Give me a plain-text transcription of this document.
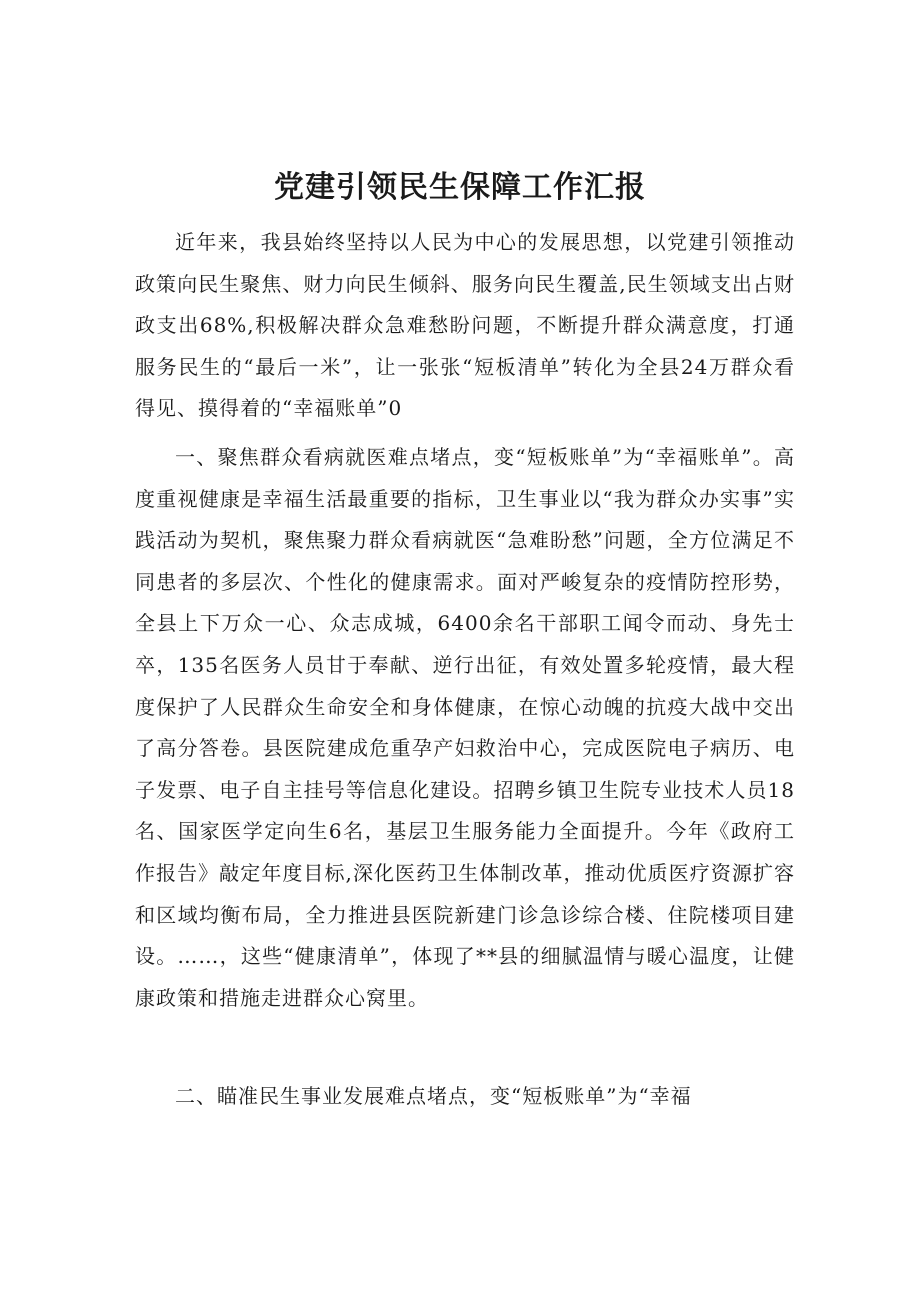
党建引领民生保障工作汇报

近年来，我县始终坚持以人民为中心的发展思想，以党建引领推动政策向民生聚焦、财力向民生倾斜、服务向民生覆盖,民生领域支出占财政支出68%,积极解决群众急难愁盼问题，不断提升群众满意度，打通服务民生的“最后一米”，让一张张“短板清单”转化为全县24万群众看得见、摸得着的“幸福账单”0

一、聚焦群众看病就医难点堵点，变“短板账单”为“幸福账单”。高度重视健康是幸福生活最重要的指标，卫生事业以“我为群众办实事”实践活动为契机，聚焦聚力群众看病就医“急难盼愁”问题，全方位满足不同患者的多层次、个性化的健康需求。面对严峻复杂的疫情防控形势，全县上下万众一心、众志成城，6400余名干部职工闻令而动、身先士卒，135名医务人员甘于奉献、逆行出征，有效处置多轮疫情，最大程度保护了人民群众生命安全和身体健康，在惊心动魄的抗疫大战中交出了高分答卷。县医院建成危重孕产妇救治中心，完成医院电子病历、电子发票、电子自主挂号等信息化建设。招聘乡镇卫生院专业技术人员18名、国家医学定向生6名，基层卫生服务能力全面提升。今年《政府工作报告》敲定年度目标,深化医药卫生体制改革，推动优质医疗资源扩容和区域均衡布局，全力推进县医院新建门诊急诊综合楼、住院楼项目建设。……，这些“健康清单”，体现了**县的细腻温情与暖心温度，让健康政策和措施走进群众心窝里。

二、瞄准民生事业发展难点堵点，变“短板账单”为“幸福
